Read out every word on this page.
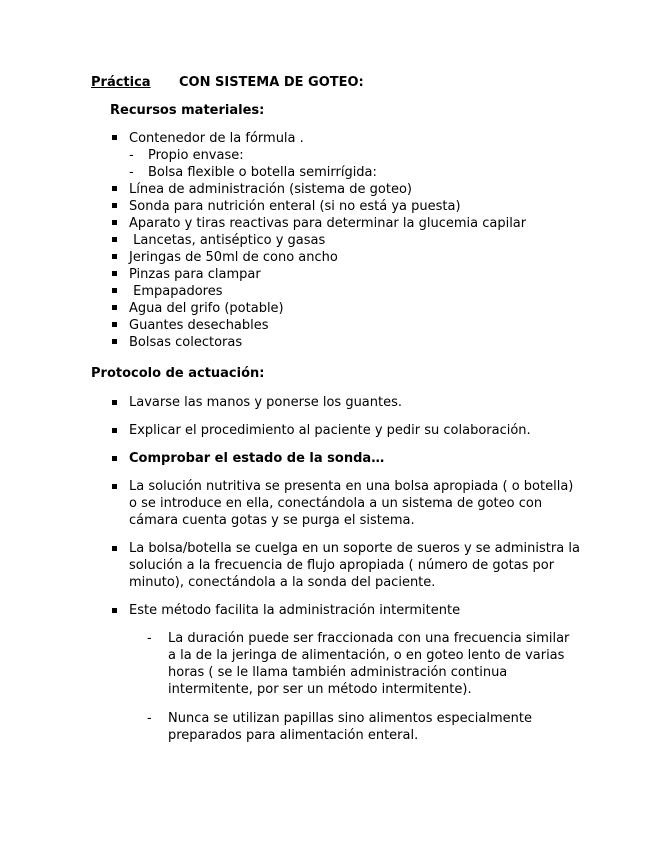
Práctica CON SISTEMA DE GOTEO:
Recursos materiales:
Contenedor de la fórmula .
- Propio envase:
- Bolsa flexible o botella semirrígida:
Línea de administración (sistema de goteo)
Sonda para nutrición enteral (si no está ya puesta)
Aparato y tiras reactivas para determinar la glucemia capilar
Lancetas, antiséptico y gasas
Jeringas de 50ml de cono ancho
Pinzas para clampar
Empapadores
Agua del grifo (potable)
Guantes desechables
Bolsas colectoras
Protocolo de actuación:
Lavarse las manos y ponerse los guantes.
Explicar el procedimiento al paciente y pedir su colaboración.
Comprobar el estado de la sonda…
La solución nutritiva se presenta en una bolsa apropiada ( o botella) o se introduce en ella, conectándola a un sistema de goteo con cámara cuenta gotas y se purga el sistema.
La bolsa/botella se cuelga en un soporte de sueros y se administra la solución a la frecuencia de flujo apropiada ( número de gotas por minuto), conectándola a la sonda del paciente.
Este método facilita la administración intermitente
- La duración puede ser fraccionada con una frecuencia similar a la de la jeringa de alimentación, o en goteo lento de varias horas ( se le llama también administración continua intermitente, por ser un método intermitente).
- Nunca se utilizan papillas sino alimentos especialmente preparados para alimentación enteral.
